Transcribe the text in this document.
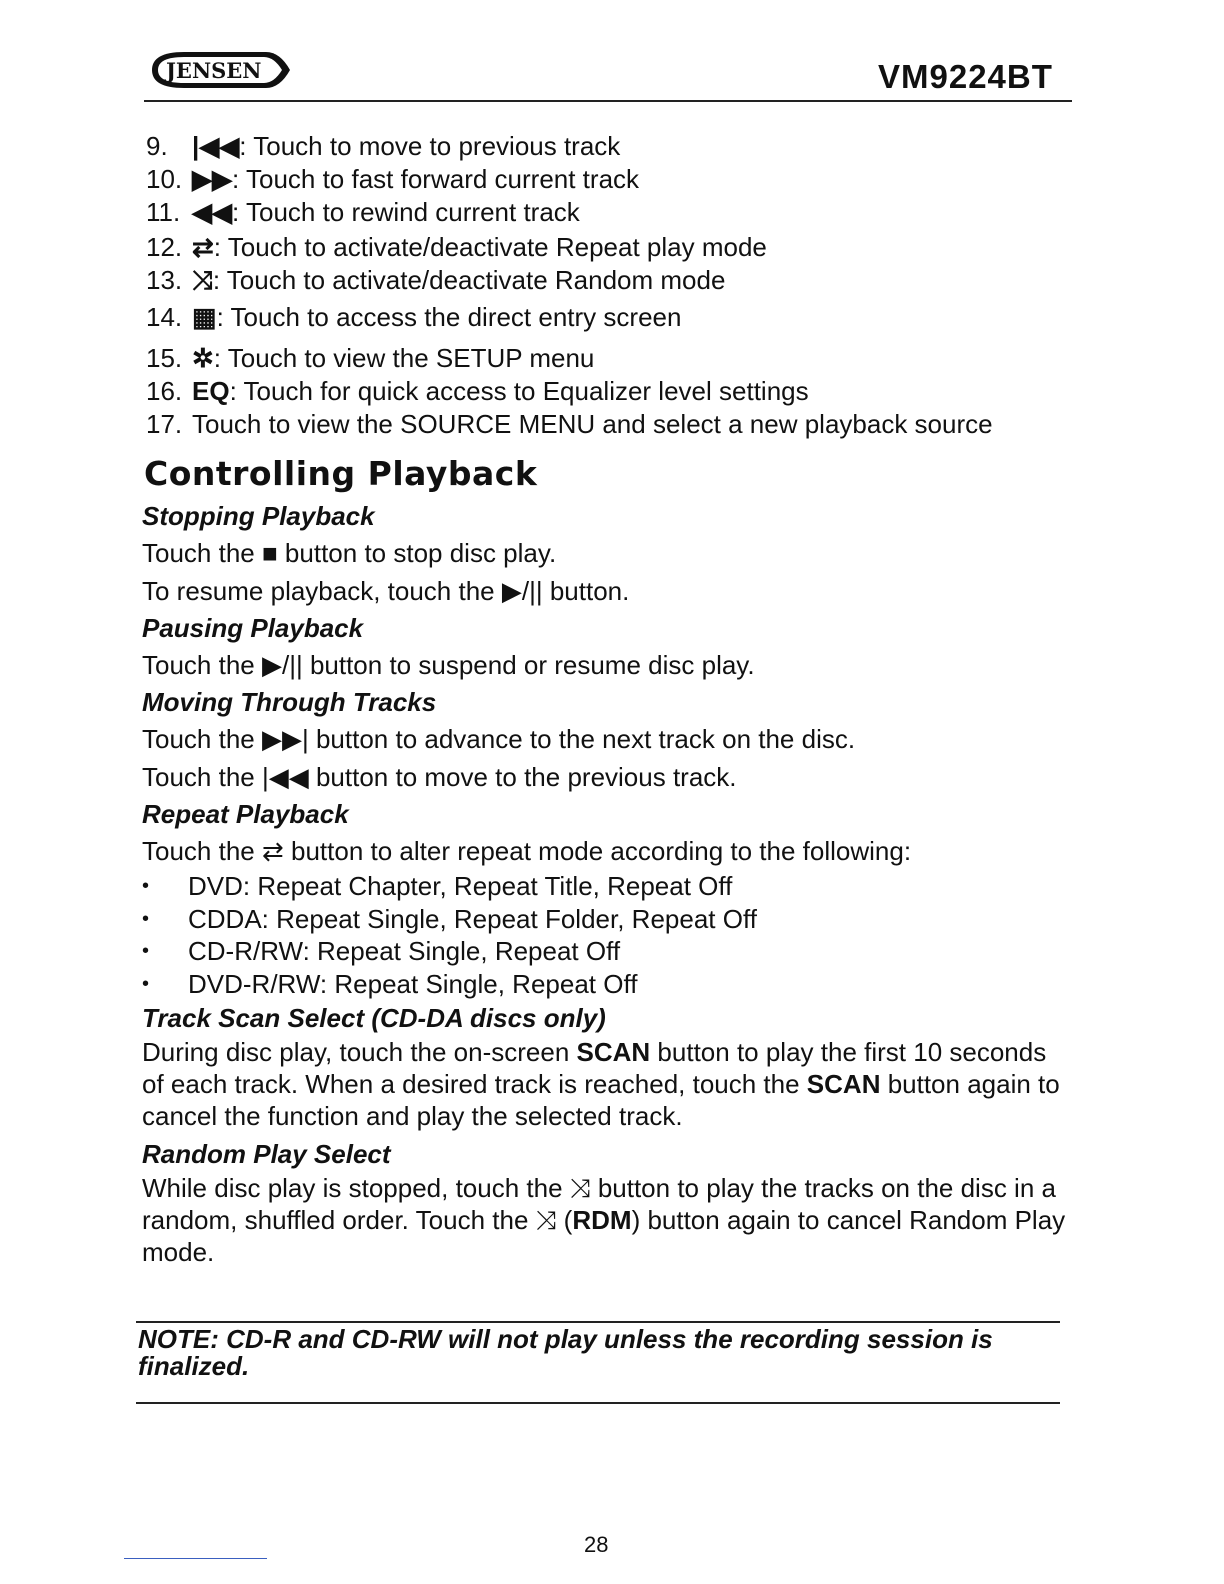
JENSEN	VM9224BT
9. |◀◀: Touch to move to previous track
10. ▶▶: Touch to fast forward current track
11. ◀◀: Touch to rewind current track
12. ⇄: Touch to activate/deactivate Repeat play mode
13. ⤨: Touch to activate/deactivate Random mode
14. ▦: Touch to access the direct entry screen
15. ✲: Touch to view the SETUP menu
16. EQ: Touch for quick access to Equalizer level settings
17. Touch to view the SOURCE MENU and select a new playback source
Controlling Playback

Stopping Playback

Touch the ■ button to stop disc play.

To resume playback, touch the ▶/|| button.

Pausing Playback

Touch the ▶/|| button to suspend or resume disc play.

Moving Through Tracks

Touch the ▶▶| button to advance to the next track on the disc.

Touch the |◀◀ button to move to the previous track.

Repeat Playback

Touch the ⇄ button to alter repeat mode according to the following:

• DVD: Repeat Chapter, Repeat Title, Repeat Off

• CDDA: Repeat Single, Repeat Folder, Repeat Off

• CD-R/RW: Repeat Single, Repeat Off

• DVD-R/RW: Repeat Single, Repeat Off

Track Scan Select (CD-DA discs only)

During disc play, touch the on-screen SCAN button to play the first 10 seconds of each track. When a desired track is reached, touch the SCAN button again to cancel the function and play the selected track.

Random Play Select

While disc play is stopped, touch the ⤨ button to play the tracks on the disc in a random, shuffled order. Touch the ⤨ (RDM) button again to cancel Random Play mode.

NOTE: CD-R and CD-RW will not play unless the recording session is finalized.
28
